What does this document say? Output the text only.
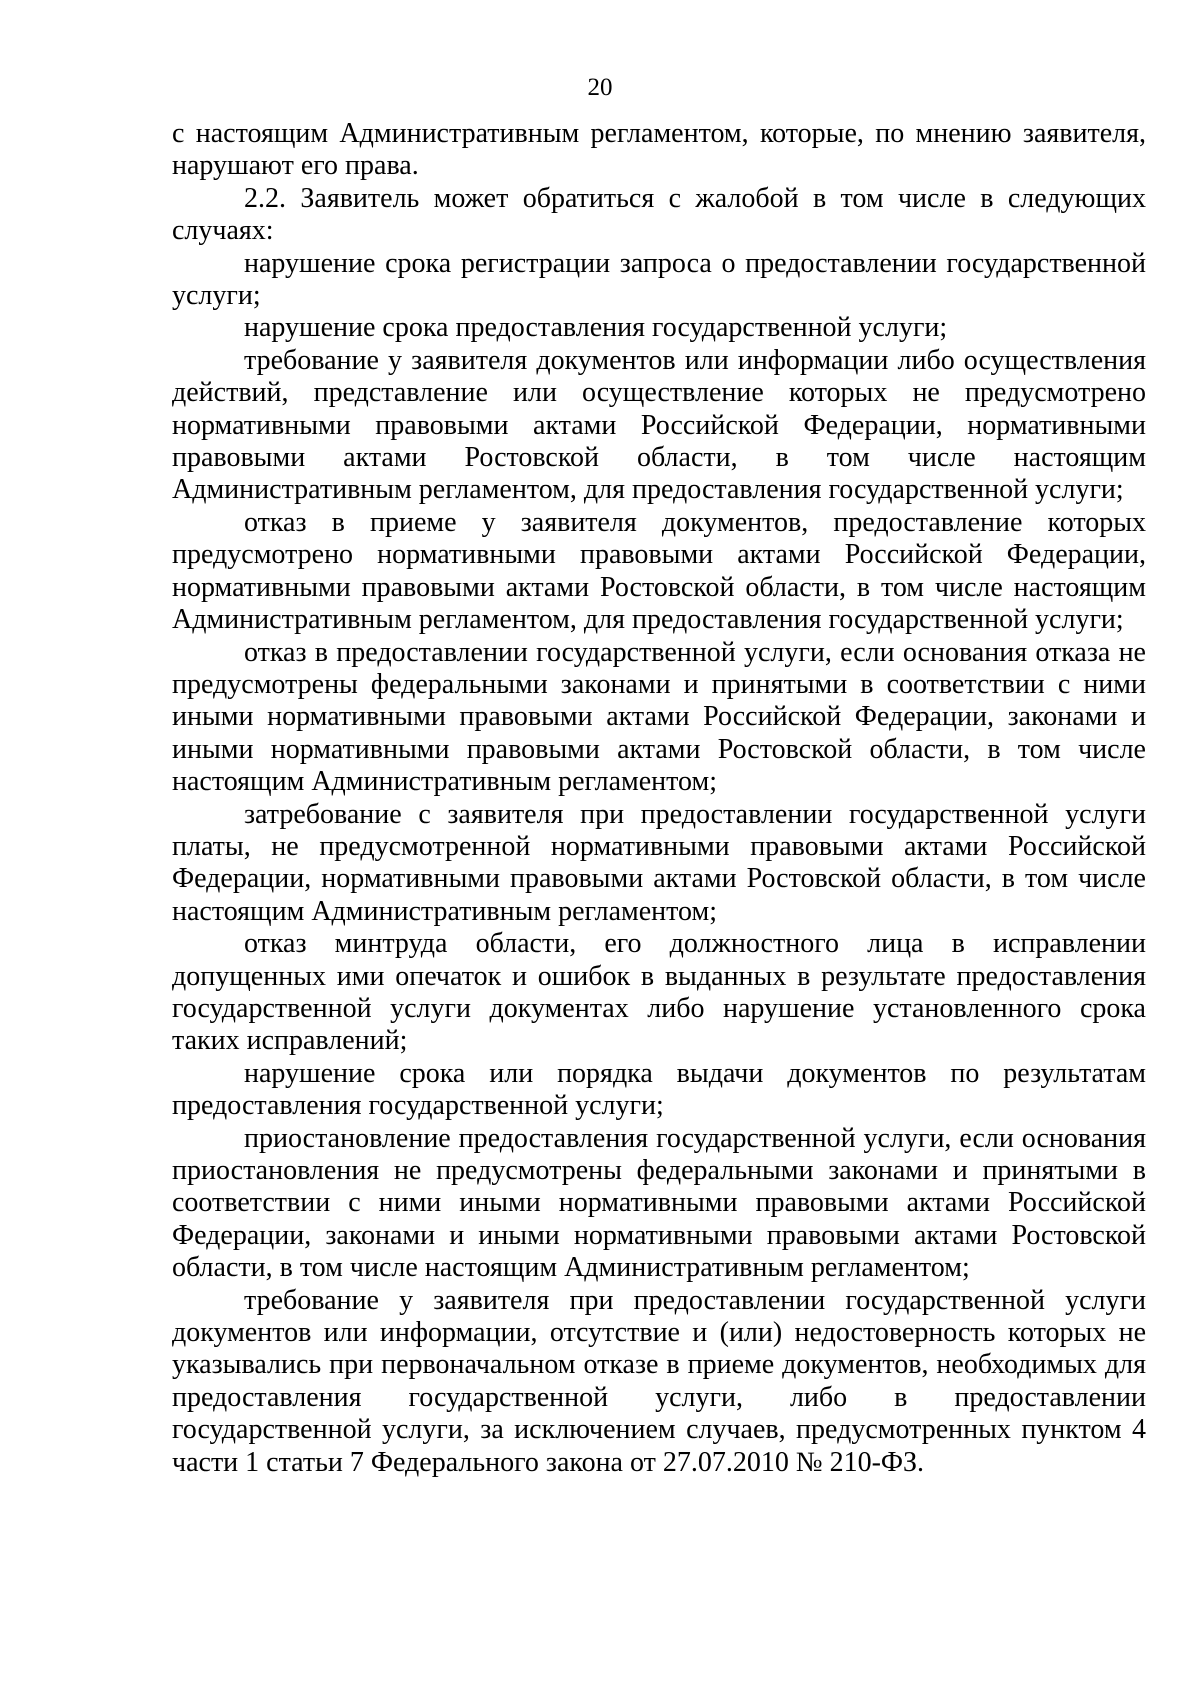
20

с настоящим Административным регламентом, которые, по мнению заявителя, нарушают его права.

2.2. Заявитель может обратиться с жалобой в том числе в следующих случаях:

нарушение срока регистрации запроса о предоставлении государственной услуги;

нарушение срока предоставления государственной услуги;

требование у заявителя документов или информации либо осуществления действий, представление или осуществление которых не предусмотрено нормативными правовыми актами Российской Федерации, нормативными правовыми актами Ростовской области, в том числе настоящим Административным регламентом, для предоставления государственной услуги;

отказ в приеме у заявителя документов, предоставление которых предусмотрено нормативными правовыми актами Российской Федерации, нормативными правовыми актами Ростовской области, в том числе настоящим Административным регламентом, для предоставления государственной услуги;

отказ в предоставлении государственной услуги, если основания отказа не предусмотрены федеральными законами и принятыми в соответствии с ними иными нормативными правовыми актами Российской Федерации, законами и иными нормативными правовыми актами Ростовской области, в том числе настоящим Административным регламентом;

затребование с заявителя при предоставлении государственной услуги платы, не предусмотренной нормативными правовыми актами Российской Федерации, нормативными правовыми актами Ростовской области, в том числе настоящим Административным регламентом;

отказ минтруда области, его должностного лица в исправлении допущенных ими опечаток и ошибок в выданных в результате предоставления государственной услуги документах либо нарушение установленного срока таких исправлений;

нарушение срока или порядка выдачи документов по результатам предоставления государственной услуги;

приостановление предоставления государственной услуги, если основания приостановления не предусмотрены федеральными законами и принятыми в соответствии с ними иными нормативными правовыми актами Российской Федерации, законами и иными нормативными правовыми актами Ростовской области, в том числе настоящим Административным регламентом;

требование у заявителя при предоставлении государственной услуги документов или информации, отсутствие и (или) недостоверность которых не указывались при первоначальном отказе в приеме документов, необходимых для предоставления государственной услуги, либо в предоставлении государственной услуги, за исключением случаев, предусмотренных пунктом 4 части 1 статьи 7 Федерального закона от 27.07.2010 № 210-ФЗ.
